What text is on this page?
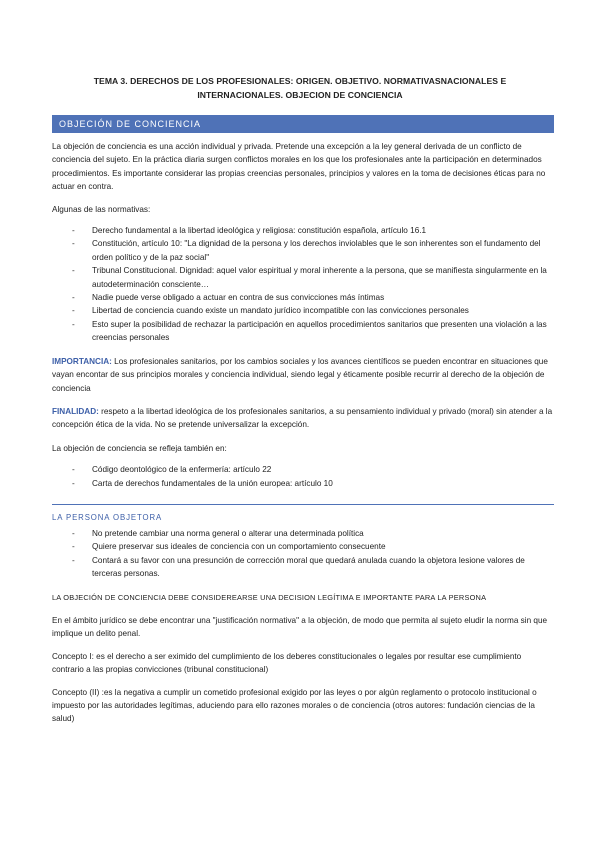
TEMA 3. DERECHOS DE LOS PROFESIONALES: ORIGEN. OBJETIVO. NORMATIVASNACIONALES E INTERNACIONALES. OBJECION DE CONCIENCIA
OBJECIÓN DE CONCIENCIA

La objeción de conciencia es una acción individual y privada. Pretende una excepción a la ley general derivada de un conflicto de conciencia del sujeto. En la práctica diaria surgen conflictos morales en los que los profesionales ante la participación en determinados procedimientos. Es importante considerar las propias creencias personales, principios y valores en la toma de decisiones éticas para no actuar en contra.

Algunas de las normativas:

- Derecho fundamental a la libertad ideológica y religiosa: constitución española, artículo 16.1
- Constitución, artículo 10: "La dignidad de la persona y los derechos inviolables que le son inherentes son el fundamento del orden político y de la paz social"
- Tribunal Constitucional. Dignidad: aquel valor espiritual y moral inherente a la persona, que se manifiesta singularmente en la autodeterminación consciente…
- Nadie puede verse obligado a actuar en contra de sus convicciones más íntimas
- Libertad de conciencia cuando existe un mandato jurídico incompatible con las convicciones personales
- Esto super la posibilidad de rechazar la participación en aquellos procedimientos sanitarios que presenten una violación a las creencias personales

IMPORTANCIA: Los profesionales sanitarios, por los cambios sociales y los avances científicos se pueden encontrar en situaciones que vayan encontar de sus principios morales y conciencia individual, siendo legal y éticamente posible recurrir al derecho de la objeción de conciencia

FINALIDAD: respeto a la libertad ideológica de los profesionales sanitarios, a su pensamiento individual y privado (moral) sin atender a la concepción ética de la vida. No se pretende universalizar la excepción.

La objeción de conciencia se refleja también en:

- Código deontológico de la enfermería: artículo 22
- Carta de derechos fundamentales de la unión europea: artículo 10
LA PERSONA OBJETORA
- No pretende cambiar una norma general o alterar una determinada política
- Quiere preservar sus ideales de conciencia con un comportamiento consecuente
- Contará a su favor con una presunción de corrección moral que quedará anulada cuando la objetora lesione valores de terceras personas.

LA OBJECIÓN DE CONCIENCIA DEBE CONSIDEREARSE UNA DECISION LEGÍTIMA E IMPORTANTE PARA LA PERSONA

En el ámbito jurídico se debe encontrar una "justificación normativa" a la objeción, de modo que permita al sujeto eludir la norma sin que implique un delito penal.

Concepto I: es el derecho a ser eximido del cumplimiento de los deberes constitucionales o legales por resultar ese cumplimiento contrario a las propias convicciones (tribunal constitucional)

Concepto (II) :es la negativa a cumplir un cometido profesional exigido por las leyes o por algún reglamento o protocolo institucional o impuesto por las autoridades legítimas, aduciendo para ello razones morales o de conciencia (otros autores: fundación ciencias de la salud)
